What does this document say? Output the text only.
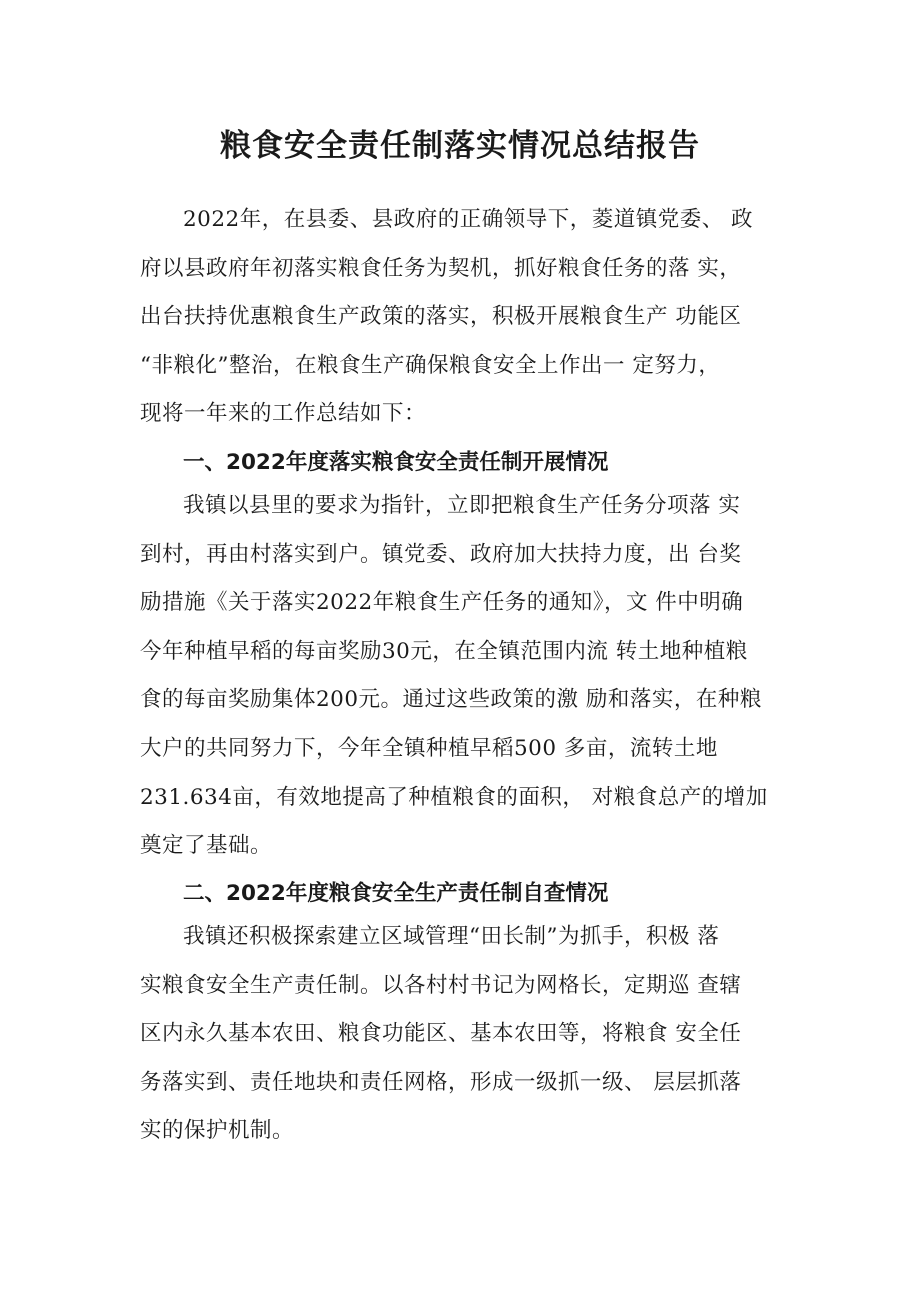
粮食安全责任制落实情况总结报告
2022年，在县委、县政府的正确领导下，菱道镇党委、 政
府以县政府年初落实粮食任务为契机，抓好粮食任务的落 实，
出台扶持优惠粮食生产政策的落实，积极开展粮食生产 功能区
“非粮化”整治，在粮食生产确保粮食安全上作出一 定努力，
现将一年来的工作总结如下：
一、2022年度落实粮食安全责任制开展情况
我镇以县里的要求为指针，立即把粮食生产任务分项落 实
到村，再由村落实到户。镇党委、政府加大扶持力度，出 台奖
励措施《关于落实2022年粮食生产任务的通知》，文 件中明确
今年种植早稻的每亩奖励30元，在全镇范围内流 转土地种植粮
食的每亩奖励集体200元。通过这些政策的激 励和落实，在种粮
大户的共同努力下，今年全镇种植早稻500 多亩，流转土地
231.634亩，有效地提高了种植粮食的面积， 对粮食总产的增加
奠定了基础。
二、2022年度粮食安全生产责任制自查情况
我镇还积极探索建立区域管理“田长制”为抓手，积极 落
实粮食安全生产责任制。以各村村书记为网格长，定期巡 查辖
区内永久基本农田、粮食功能区、基本农田等，将粮食 安全任
务落实到、责任地块和责任网格，形成一级抓一级、 层层抓落
实的保护机制。
